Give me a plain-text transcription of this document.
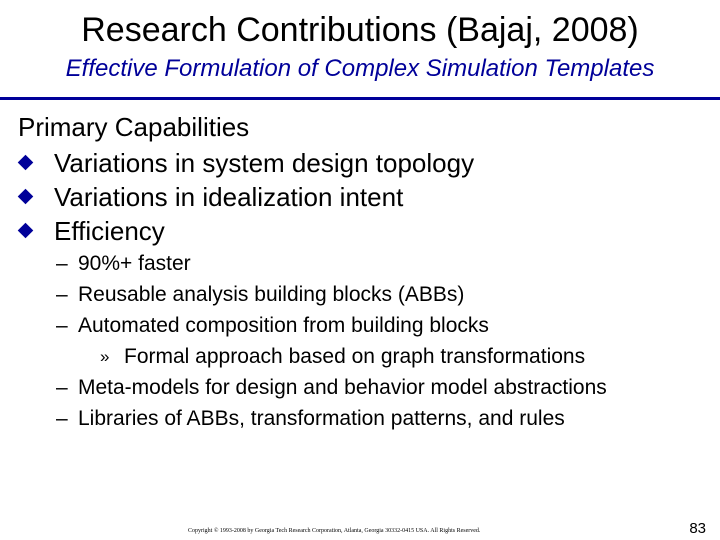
Research Contributions (Bajaj, 2008)
Effective Formulation of Complex Simulation Templates
Primary Capabilities
Variations in system design topology
Variations in idealization intent
Efficiency
– 90%+ faster
– Reusable analysis building blocks (ABBs)
– Automated composition from building blocks
» Formal approach based on graph transformations
– Meta-models for design and behavior model abstractions
– Libraries of ABBs, transformation patterns, and rules
Copyright © 1993-2008 by Georgia Tech Research Corporation, Atlanta, Georgia 30332-0415 USA. All Rights Reserved.	83
